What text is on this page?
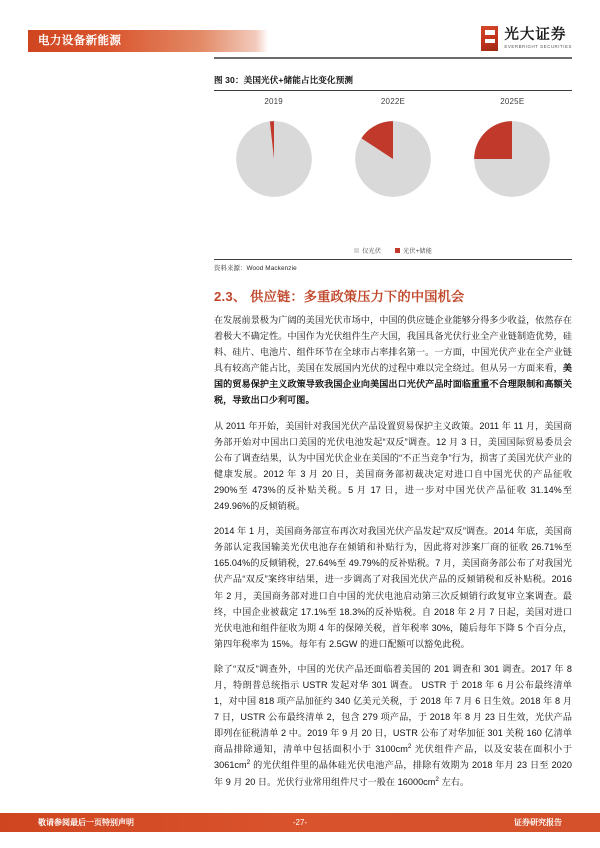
电力设备新能源	光大证券
EVERBRIGHT SECURITIES
图 30：美国光伏+储能占比变化预测
2019	2022E	2025E
仅光伏	光伏+储能
资料来源：Wood Mackenzie
2.3、 供应链：多重政策压力下的中国机会

在发展前景极为广阔的美国光伏市场中，中国的供应链企业能够分得多少收益，依然存在着极大不确定性。中国作为光伏组件生产大国，我国具备光伏行业全产业链制造优势，硅料、硅片、电池片、组件环节在全球市占率排名第一。一方面，中国光伏产业在全产业链具有较高产能占比，美国在发展国内光伏的过程中难以完全绕过。但从另一方面来看，美国的贸易保护主义政策导致我国企业向美国出口光伏产品时面临重重不合理限制和高额关税，导致出口少利可图。

从 2011 年开始，美国针对我国光伏产品设置贸易保护主义政策。2011 年 11 月，美国商务部开始对中国出口美国的光伏电池发起“双反”调查。12 月 3 日，美国国际贸易委员会公布了调查结果，认为中国光伏企业在美国的“不正当竞争”行为，损害了美国光伏产业的健康发展。2012 年 3 月 20 日，美国商务部初裁决定对进口自中国光伏的产品征收 290%至 473%的反补贴关税。5 月 17 日，进一步对中国光伏产品征收 31.14%至 249.96%的反倾销税。

2014 年 1 月，美国商务部宣布再次对我国光伏产品发起“双反”调查。2014 年底，美国商务部认定我国输美光伏电池存在倾销和补贴行为，因此将对涉案厂商的征收 26.71%至 165.04%的反倾销税，27.64%至 49.79%的反补贴税。7 月，美国商务部公布了对我国光伏产品“双反”案终审结果，进一步调高了对我国光伏产品的反倾销税和反补贴税。2016 年 2 月，美国商务部对进口自中国的光伏电池启动第三次反倾销行政复审立案调查。最终，中国企业被裁定 17.1%至 18.3%的反补贴税。自 2018 年 2 月 7 日起，美国对进口光伏电池和组件征收为期 4 年的保障关税，首年税率 30%，随后每年下降 5 个百分点，第四年税率为 15%。每年有 2.5GW 的进口配额可以豁免此税。

除了“双反”调查外，中国的光伏产品还面临着美国的 201 调查和 301 调查。2017 年 8 月，特朗普总统指示 USTR 发起对华 301 调查。 USTR 于 2018 年 6 月公布最终清单 1，对中国 818 项产品加征约 340 亿美元关税，于 2018 年 7 月 6 日生效。2018 年 8 月 7 日，USTR 公布最终清单 2，包含 279 项产品，于 2018 年 8 月 23 日生效，光伏产品即列在征税清单 2 中。2019 年 9 月 20 日，USTR 公布了对华加征 301 关税 160 亿清单商品排除通知，清单中包括面积小于 $3100cm^2$ 光伏组件产品，以及安装在面积小于 $3061cm^2$ 的光伏组件里的晶体硅光伏电池产品，排除有效期为 2018 年月 23 日至 2020 年 9 月 20 日。光伏行业常用组件尺寸一般在 $16000cm^2$ 左右。

敬请参阅最后一页特别声明	-27-	证券研究报告
